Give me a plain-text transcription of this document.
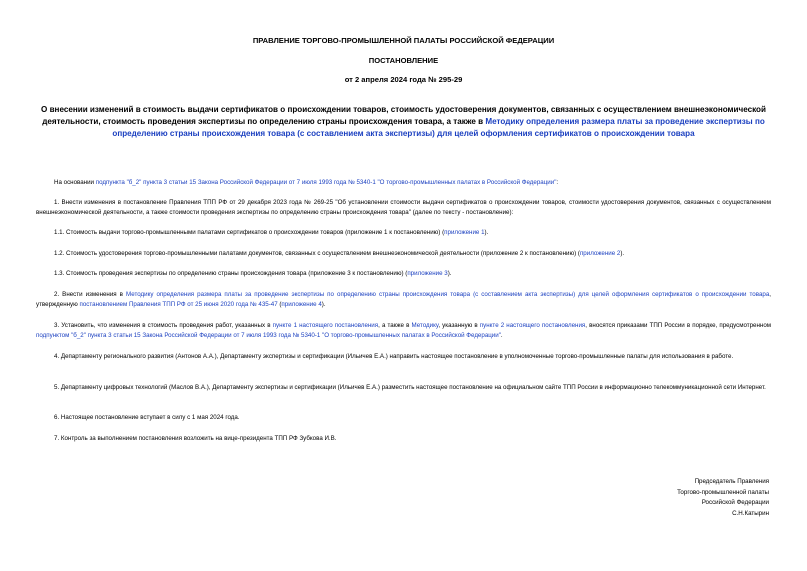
ПРАВЛЕНИЕ ТОРГОВО-ПРОМЫШЛЕННОЙ ПАЛАТЫ РОССИЙСКОЙ ФЕДЕРАЦИИ
ПОСТАНОВЛЕНИЕ
от 2 апреля 2024 года № 295-29
О внесении изменений в стоимость выдачи сертификатов о происхождении товаров, стоимость удостоверения документов, связанных с осуществлением внешнеэкономической деятельности, стоимость проведения экспертизы по определению страны происхождения товара, а также в Методику определения размера платы за проведение экспертизы по определению страны происхождения товара (с составлением акта экспертизы) для целей оформления сертификатов о происхождении товара
На основании подпункта "б_2" пункта 3 статьи 15 Закона Российской Федерации от 7 июля 1993 года № 5340-1 "О торгово-промышленных палатах в Российской Федерации":
1. Внести изменения в постановление Правления ТПП РФ от 29 декабря 2023 года № 269-25 "Об установлении стоимости выдачи сертификатов о происхождении товаров, стоимости удостоверения документов, связанных с осуществлением внешнеэкономической деятельности, а также стоимости проведения экспертизы по определению страны происхождения товара" (далее по тексту - постановление):
1.1. Стоимость выдачи торгово-промышленными палатами сертификатов о происхождении товаров (приложение 1 к постановлению) (приложение 1).
1.2. Стоимость удостоверения торгово-промышленными палатами документов, связанных с осуществлением внешнеэкономической деятельности (приложение 2 к постановлению) (приложение 2).
1.3. Стоимость проведения экспертизы по определению страны происхождения товара (приложение 3 к постановлению) (приложение 3).
2. Внести изменения в Методику определения размера платы за проведение экспертизы по определению страны происхождения товара (с составлением акта экспертизы) для целей оформления сертификатов о происхождении товара, утвержденную постановлением Правления ТПП РФ от 25 июня 2020 года № 435-47 (приложение 4).
3. Установить, что изменения в стоимость проведения работ, указанных в пункте 1 настоящего постановления, а также в Методику, указанную в пункте 2 настоящего постановления, вносятся приказами ТПП России в порядке, предусмотренном подпунктом "б_2" пункта 3 статьи 15 Закона Российской Федерации от 7 июля 1993 года № 5340-1 "О торгово-промышленных палатах в Российской Федерации".
4. Департаменту регионального развития (Антонов А.А.), Департаменту экспертизы и сертификации (Ильичев Е.А.) направить настоящее постановление в уполномоченные торгово-промышленные палаты для использования в работе.
5. Департаменту цифровых технологий (Маслов В.А.), Департаменту экспертизы и сертификации (Ильичев Е.А.) разместить настоящее постановление на официальном сайте ТПП России в информационно телекоммуникационной сети Интернет.
6. Настоящее постановление вступает в силу с 1 мая 2024 года.
7. Контроль за выполнением постановления возложить на вице-президента ТПП РФ Зубкова И.В.
Председатель Правления
Торгово-промышленной палаты
Российской Федерации
С.Н.Катырин
